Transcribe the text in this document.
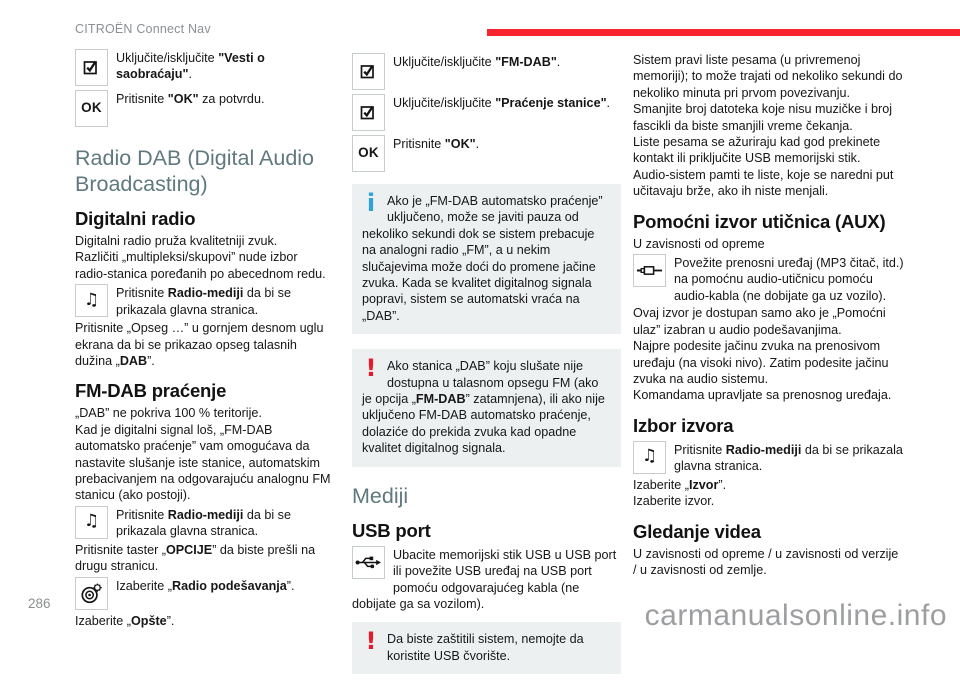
CITROËN Connect Nav
Uključite/isključite "Vesti o saobraćaju".
OK
Pritisnite "OK" za potvrdu.
Radio DAB (Digital Audio Broadcasting)
Digitalni radio
Digitalni radio pruža kvalitetniji zvuk.
Različiti „multipleksi/skupovi” nude izbor radio-stanica poređanih po abecednom redu.
♫	Pritisnite Radio-mediji da bi se prikazala glavna stranica.
Pritisnite „Opseg …” u gornjem desnom uglu ekrana da bi se prikazao opseg talasnih dužina „DAB”.
FM-DAB praćenje
„DAB” ne pokriva 100 % teritorije.
Kad je digitalni signal loš, „FM-DAB automatsko praćenje” vam omogućava da nastavite slušanje iste stanice, automatskim prebacivanjem na odgovarajuću analognu FM stanicu (ako postoji).
♫	Pritisnite Radio-mediji da bi se prikazala glavna stranica.
Pritisnite taster „OPCIJE” da biste prešli na drugu stranicu.
Izaberite „Radio podešavanja”.
Izaberite „Opšte”.
Uključite/isključite "FM-DAB".
Uključite/isključite "Praćenje stanice".
OK
Pritisnite "OK".
i Ako je „FM-DAB automatsko praćenje” uključeno, može se javiti pauza od nekoliko sekundi dok se sistem prebacuje na analogni radio „FM”, a u nekim slučajevima može doći do promene jačine zvuka. Kada se kvalitet digitalnog signala popravi, sistem se automatski vraća na „DAB”.
! Ako stanica „DAB” koju slušate nije dostupna u talasnom opsegu FM (ako je opcija „FM-DAB” zatamnjena), ili ako nije uključeno FM-DAB automatsko praćenje, dolaziće do prekida zvuka kad opadne kvalitet digitalnog signala.
Mediji
USB port
Ubacite memorijski stik USB u USB port ili povežite USB uređaj na USB port pomoću odgovarajućeg kabla (ne dobijate ga sa vozilom).
! Da biste zaštitili sistem, nemojte da koristite USB čvorište.
Sistem pravi liste pesama (u privremenoj memoriji); to može trajati od nekoliko sekundi do nekoliko minuta pri prvom povezivanju.
Smanjite broj datoteka koje nisu muzičke i broj fascikli da biste smanjili vreme čekanja.
Liste pesama se ažuriraju kad god prekinete kontakt ili priključite USB memorijski stik.
Audio-sistem pamti te liste, koje se naredni put učitavaju brže, ako ih niste menjali.
Pomoćni izvor utičnica (AUX)
U zavisnosti od opreme
Povežite prenosni uređaj (MP3 čitač, itd.) na pomoćnu audio-utičnicu pomoću audio-kabla (ne dobijate ga uz vozilo).
Ovaj izvor je dostupan samo ako je „Pomoćni ulaz” izabran u audio podešavanjima.
Najpre podesite jačinu zvuka na prenosivom uređaju (na visoki nivo). Zatim podesite jačinu zvuka na audio sistemu.
Komandama upravljate sa prenosnog uređaja.
Izbor izvora
♫	Pritisnite Radio-mediji da bi se prikazala glavna stranica.
Izaberite „Izvor”.
Izaberite izvor.
Gledanje videa
U zavisnosti od opreme / u zavisnosti od verzije / u zavisnosti od zemlje.
286	carmanualsonline.info
